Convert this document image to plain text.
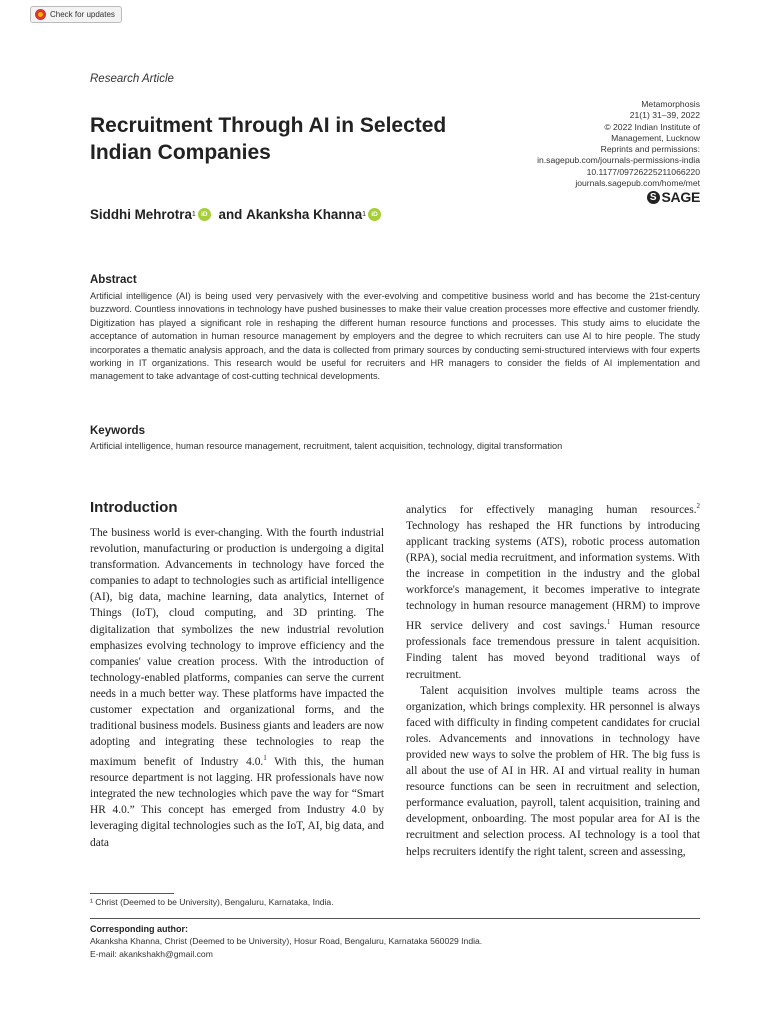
Check for updates
Research Article
Metamorphosis
21(1) 31–39, 2022
© 2022 Indian Institute of
Management, Lucknow
Reprints and permissions:
in.sagepub.com/journals-permissions-india
10.1177/09726225211066220
journals.sagepub.com/home/met
S SAGE
Recruitment Through AI in Selected Indian Companies
Siddhi Mehrotra 1 iD and Akanksha Khanna 1 iD
Abstract

Artificial intelligence (AI) is being used very pervasively with the ever-evolving and competitive business world and has become the 21st-century buzzword. Countless innovations in technology have pushed businesses to make their value creation processes more effective and customer friendly. Digitization has played a significant role in reshaping the different human resource functions and processes. This study aims to elucidate the acceptance of automation in human resource management by employers and the degree to which recruiters can use AI to hire people. The study incorporates a thematic analysis approach, and the data is collected from primary sources by conducting semi-structured interviews with four experts working in IT organizations. This research would be useful for recruiters and HR managers to consider the fields of AI implementation and management to take advantage of cost-cutting technical developments.

Keywords
Artificial intelligence, human resource management, recruitment, talent acquisition, technology, digital transformation
Introduction

The business world is ever-changing. With the fourth industrial revolution, manufacturing or production is undergoing a digital transformation. Advancements in technology have forced the companies to adapt to technologies such as artificial intelligence (AI), big data, machine learning, data analytics, Internet of Things (IoT), cloud computing, and 3D printing. The digitalization that symbolizes the new industrial revolution emphasizes evolving technology to improve efficiency and the companies' value creation process. With the introduction of technology-enabled platforms, companies can serve the current needs in a much better way. These platforms have impacted the customer expectation and organizational forms, and the traditional business models. Business giants and leaders are now adopting and integrating these technologies to reap the maximum benefit of Industry 4.0.$^1$ With this, the human resource department is not lagging. HR professionals have now integrated the new technologies which pave the way for “Smart HR 4.0.” This concept has emerged from Industry 4.0 by leveraging digital technologies such as the IoT, AI, big data, and data

analytics for effectively managing human resources.$^2$ Technology has reshaped the HR functions by introducing applicant tracking systems (ATS), robotic process automation (RPA), social media recruitment, and information systems. With the increase in competition in the industry and the global workforce's management, it becomes imperative to integrate technology in human resource management (HRM) to improve HR service delivery and cost savings.$^1$ Human resource professionals face tremendous pressure in talent acquisition. Finding talent has moved beyond traditional ways of recruitment.

Talent acquisition involves multiple teams across the organization, which brings complexity. HR personnel is always faced with difficulty in finding competent candidates for crucial roles. Advancements and innovations in technology have provided new ways to solve the problem of HR. The big fuss is all about the use of AI in HR. AI and virtual reality in human resource functions can be seen in recruitment and selection, performance evaluation, payroll, talent acquisition, training and development, onboarding. The most popular area for AI is the recruitment and selection process. AI technology is a tool that helps recruiters identify the right talent, screen and assessing,

¹ Christ (Deemed to be University), Bengaluru, Karnataka, India.
Corresponding author:
Akanksha Khanna, Christ (Deemed to be University), Hosur Road, Bengaluru, Karnataka 560029 India.
E-mail: akankshakh@gmail.com
